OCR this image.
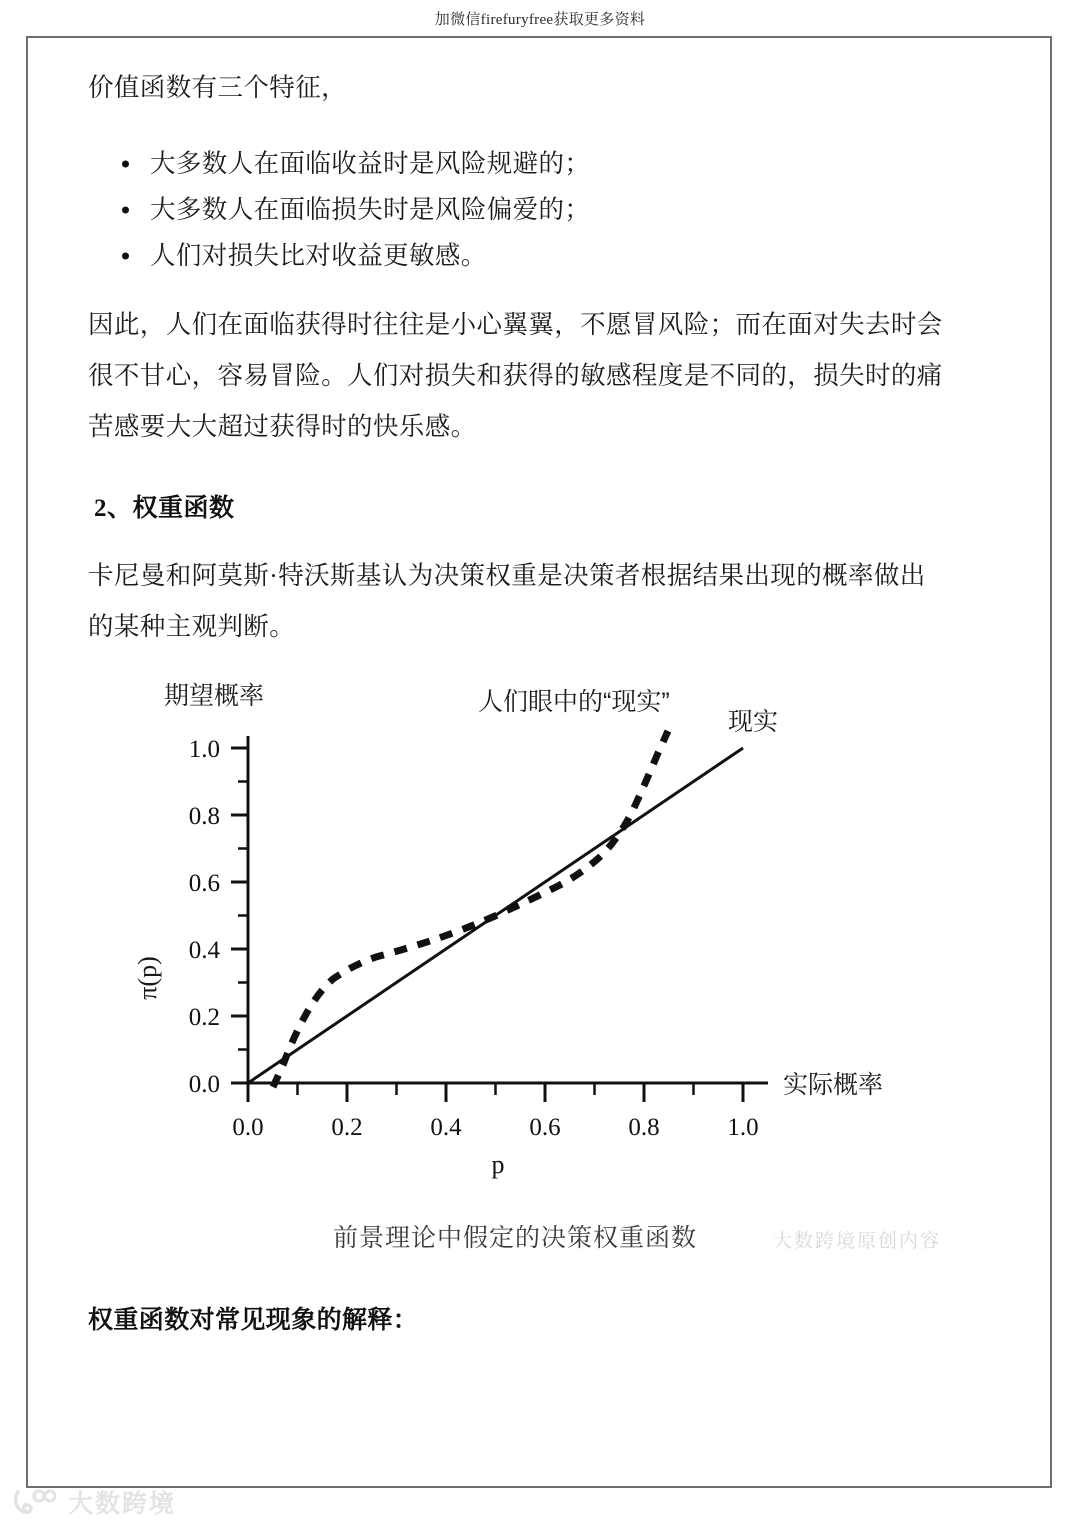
加微信firefuryfree获取更多资料

价值函数有三个特征，

大多数人在面临收益时是风险规避的；
大多数人在面临损失时是风险偏爱的；
人们对损失比对收益更敏感。

因此，人们在面临获得时往往是小心翼翼，不愿冒风险；而在面对失去时会很不甘心，容易冒险。人们对损失和获得的敏感程度是不同的，损失时的痛苦感要大大超过获得时的快乐感。

2、权重函数

卡尼曼和阿莫斯·特沃斯基认为决策权重是决策者根据结果出现的概率做出的某种主观判断。

期望概率
π(p)
0.0
0.2
0.4
0.6
0.8
1.0
0.0	0.2	0.4	0.6	0.8	1.0
p
实际概率
人们眼中的“现实”
现实
前景理论中假定的决策权重函数	大数跨境原创内容

权重函数对常见现象的解释：

大数跨境
